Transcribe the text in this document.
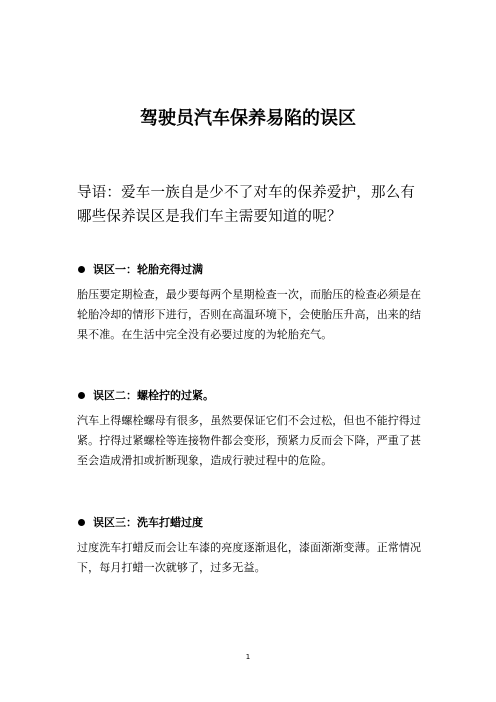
驾驶员汽车保养易陷的误区
导语：爱车一族自是少不了对车的保养爱护，那么有哪些保养误区是我们车主需要知道的呢？
误区一：轮胎充得过满
胎压要定期检查，最少要每两个星期检查一次，而胎压的检查必须是在轮胎冷却的情形下进行，否则在高温环境下，会使胎压升高，出来的结果不准。在生活中完全没有必要过度的为轮胎充气。
误区二：螺栓拧的过紧。
汽车上得螺栓螺母有很多，虽然要保证它们不会过松，但也不能拧得过紧。拧得过紧螺栓等连接物件都会变形，预紧力反而会下降，严重了甚至会造成滑扣或折断现象，造成行驶过程中的危险。
误区三：洗车打蜡过度
过度洗车打蜡反而会让车漆的亮度逐渐退化，漆面渐渐变薄。正常情况下，每月打蜡一次就够了，过多无益。
1
